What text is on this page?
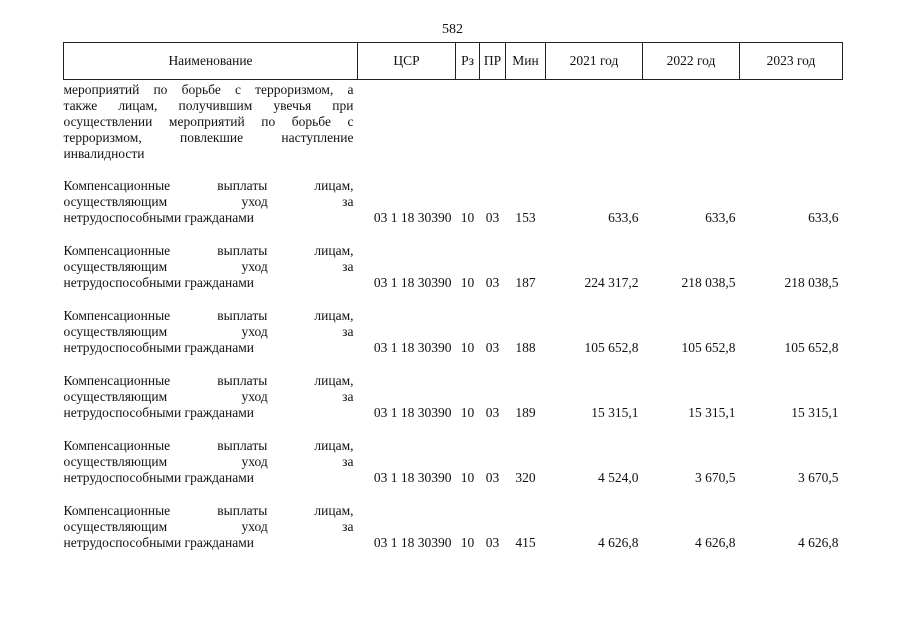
582
Наименование	ЦСР	Рз	ПР	Мин	2021 год	2022 год	2023 год

мероприятий по борьбе с терроризмом, а
также лицам, получившим увечья при
осуществлении мероприятий по борьбе с
терроризмом, повлекшие наступление
инвалидности							

Компенсационные выплаты лицам,
осуществляющим уход за
нетрудоспособными гражданами	03 1 18 30390	10	03	153	633,6	633,6	633,6

Компенсационные выплаты лицам,
осуществляющим уход за
нетрудоспособными гражданами	03 1 18 30390	10	03	187	224 317,2	218 038,5	218 038,5

Компенсационные выплаты лицам,
осуществляющим уход за
нетрудоспособными гражданами	03 1 18 30390	10	03	188	105 652,8	105 652,8	105 652,8

Компенсационные выплаты лицам,
осуществляющим уход за
нетрудоспособными гражданами	03 1 18 30390	10	03	189	15 315,1	15 315,1	15 315,1

Компенсационные выплаты лицам,
осуществляющим уход за
нетрудоспособными гражданами	03 1 18 30390	10	03	320	4 524,0	3 670,5	3 670,5

Компенсационные выплаты лицам,
осуществляющим уход за
нетрудоспособными гражданами	03 1 18 30390	10	03	415	4 626,8	4 626,8	4 626,8
